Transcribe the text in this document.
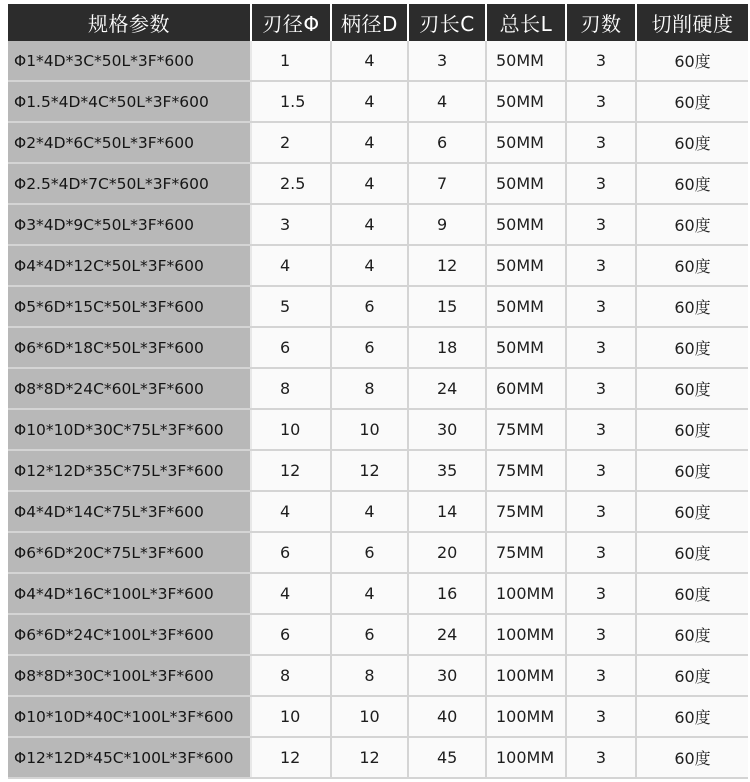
规格参数	刃径Φ	柄径D	刃长C	总长L	刃数	切削硬度
Φ1*4D*3C*50L*3F*600	1	4	3	50MM	3	60度
Φ1.5*4D*4C*50L*3F*600	1.5	4	4	50MM	3	60度
Φ2*4D*6C*50L*3F*600	2	4	6	50MM	3	60度
Φ2.5*4D*7C*50L*3F*600	2.5	4	7	50MM	3	60度
Φ3*4D*9C*50L*3F*600	3	4	9	50MM	3	60度
Φ4*4D*12C*50L*3F*600	4	4	12	50MM	3	60度
Φ5*6D*15C*50L*3F*600	5	6	15	50MM	3	60度
Φ6*6D*18C*50L*3F*600	6	6	18	50MM	3	60度
Φ8*8D*24C*60L*3F*600	8	8	24	60MM	3	60度
Φ10*10D*30C*75L*3F*600	10	10	30	75MM	3	60度
Φ12*12D*35C*75L*3F*600	12	12	35	75MM	3	60度
Φ4*4D*14C*75L*3F*600	4	4	14	75MM	3	60度
Φ6*6D*20C*75L*3F*600	6	6	20	75MM	3	60度
Φ4*4D*16C*100L*3F*600	4	4	16	100MM	3	60度
Φ6*6D*24C*100L*3F*600	6	6	24	100MM	3	60度
Φ8*8D*30C*100L*3F*600	8	8	30	100MM	3	60度
Φ10*10D*40C*100L*3F*600	10	10	40	100MM	3	60度
Φ12*12D*45C*100L*3F*600	12	12	45	100MM	3	60度
